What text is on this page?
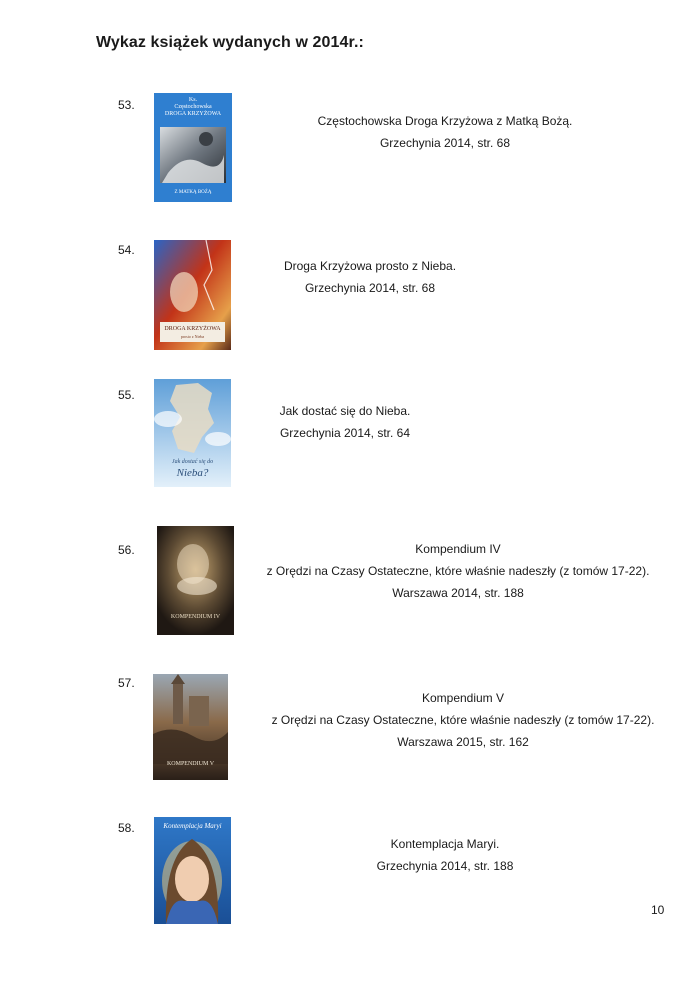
Wykaz książek wydanych w 2014r.:
53.	Ks.
Częstochowska
DROGA KRZYŻOWA
Z MATKĄ BOŻĄ
Częstochowska Droga Krzyżowa z Matką Bożą.
Grzechynia 2014, str. 68
54.
DROGA KRZYŻOWA
prosto z Nieba
Droga Krzyżowa prosto z Nieba.
Grzechynia 2014, str. 68
55.
Jak dostać się do
Nieba?
Jak dostać się do Nieba.
Grzechynia 2014, str. 64
56.
KOMPENDIUM IV
Kompendium IV
z Orędzi na Czasy Ostateczne, które właśnie nadeszły (z tomów 17-22).
Warszawa 2014, str. 188
57.
KOMPENDIUM V
Kompendium V
z Orędzi na Czasy Ostateczne, które właśnie nadeszły (z tomów 17-22).
Warszawa 2015, str. 162
58.	Kontemplacja Maryi
Kontemplacja Maryi.
Grzechynia 2014, str. 188
10
